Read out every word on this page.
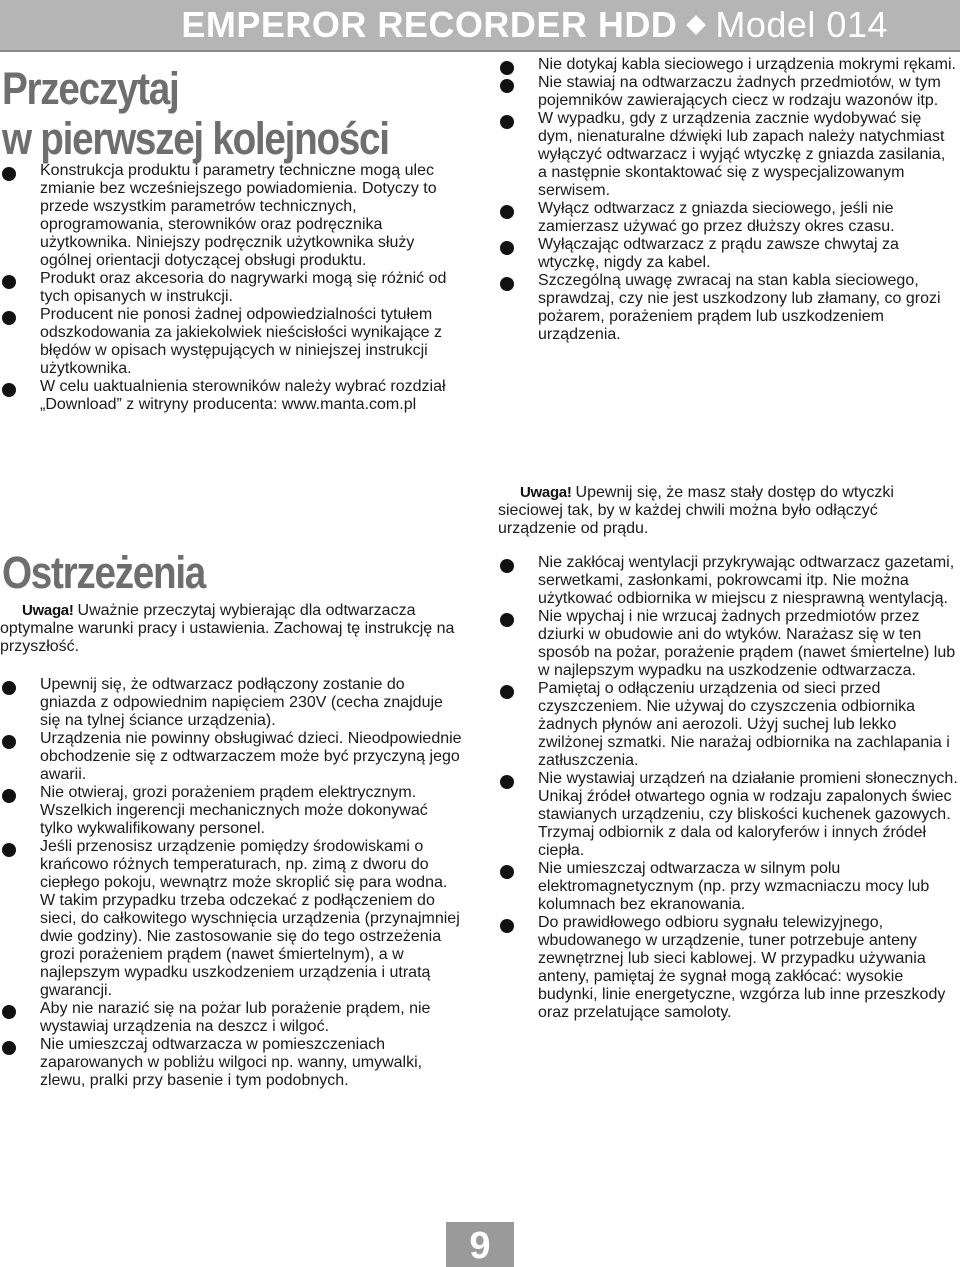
EMPEROR RECORDER HDD Model 014
Przeczytaj
w pierwszej kolejności
Konstrukcja produktu i parametry techniczne mogą ulec zmianie bez wcześniejszego powiadomienia. Dotyczy to przede wszystkim parametrów technicznych, oprogramowania, sterowników oraz podręcznika użytkownika. Niniejszy podręcznik użytkownika służy ogólnej orientacji dotyczącej obsługi produktu.
Produkt oraz akcesoria do nagrywarki mogą się różnić od tych opisanych w instrukcji.
Producent nie ponosi żadnej odpowiedzialności tytułem odszkodowania za jakiekolwiek nieścisłości wynikające z błędów w opisach występujących w niniejszej instrukcji użytkownika.
W celu uaktualnienia sterowników należy wybrać rozdział „Download” z witryny producenta: www.manta.com.pl
Ostrzeżenia
Uwaga! Uważnie przeczytaj wybierając dla odtwarzacza optymalne warunki pracy i ustawienia. Zachowaj tę instrukcję na przyszłość.
Upewnij się, że odtwarzacz podłączony zostanie do gniazda z odpowiednim napięciem 230V (cecha znajduje się na tylnej ściance urządzenia).
Urządzenia nie powinny obsługiwać dzieci. Nieodpowiednie obchodzenie się z odtwarzaczem może być przyczyną jego awarii.
Nie otwieraj, grozi porażeniem prądem elektrycznym. Wszelkich ingerencji mechanicznych może dokonywać tylko wykwalifikowany personel.
Jeśli przenosisz urządzenie pomiędzy środowiskami o krańcowo różnych temperaturach, np. zimą z dworu do ciepłego pokoju, wewnątrz może skroplić się para wodna. W takim przypadku trzeba odczekać z podłączeniem do sieci, do całkowitego wyschnięcia urządzenia (przynajmniej dwie godziny). Nie zastosowanie się do tego ostrzeżenia grozi porażeniem prądem (nawet śmiertelnym), a w najlepszym wypadku uszkodzeniem urządzenia i utratą gwarancji.
Aby nie narazić się na pożar lub porażenie prądem, nie wystawiaj urządzenia na deszcz i wilgoć.
Nie umieszczaj odtwarzacza w pomieszczeniach zaparowanych w pobliżu wilgoci np. wanny, umywalki, zlewu, pralki przy basenie i tym podobnych.
Nie dotykaj kabla sieciowego i urządzenia mokrymi rękami.
Nie stawiaj na odtwarzaczu żadnych przedmiotów, w tym pojemników zawierających ciecz w rodzaju wazonów itp.
W wypadku, gdy z urządzenia zacznie wydobywać się dym, nienaturalne dźwięki lub zapach należy natychmiast wyłączyć odtwarzacz i wyjąć wtyczkę z gniazda zasilania, a następnie skontaktować się z wyspecjalizowanym serwisem.
Wyłącz odtwarzacz z gniazda sieciowego, jeśli nie zamierzasz używać go przez dłuższy okres czasu.
Wyłączając odtwarzacz z prądu zawsze chwytaj za wtyczkę, nigdy za kabel.
Szczególną uwagę zwracaj na stan kabla sieciowego, sprawdzaj, czy nie jest uszkodzony lub złamany, co grozi pożarem, porażeniem prądem lub uszkodzeniem urządzenia.
Uwaga! Upewnij się, że masz stały dostęp do wtyczki sieciowej tak, by w każdej chwili można było odłączyć urządzenie od prądu.
Nie zakłócaj wentylacji przykrywając odtwarzacz gazetami, serwetkami, zasłonkami, pokrowcami itp. Nie można użytkować odbiornika w miejscu z niesprawną wentylacją.
Nie wpychaj i nie wrzucaj żadnych przedmiotów przez dziurki w obudowie ani do wtyków. Narażasz się w ten sposób na pożar, porażenie prądem (nawet śmiertelne) lub w najlepszym wypadku na uszkodzenie odtwarzacza.
Pamiętaj o odłączeniu urządzenia od sieci przed czyszczeniem. Nie używaj do czyszczenia odbiornika żadnych płynów ani aerozoli. Użyj suchej lub lekko zwilżonej szmatki. Nie narażaj odbiornika na zachlapania i zatłuszczenia.
Nie wystawiaj urządzeń na działanie promieni słonecznych. Unikaj źródeł otwartego ognia w rodzaju zapalonych świec stawianych urządzeniu, czy bliskości kuchenek gazowych. Trzymaj odbiornik z dala od kaloryferów i innych źródeł ciepła.
Nie umieszczaj odtwarzacza w silnym polu elektromagnetycznym (np. przy wzmacniaczu mocy lub kolumnach bez ekranowania.
Do prawidłowego odbioru sygnału telewizyjnego, wbudowanego w urządzenie, tuner potrzebuje anteny zewnętrznej lub sieci kablowej. W przypadku używania anteny, pamiętaj że sygnał mogą zakłócać: wysokie budynki, linie energetyczne, wzgórza lub inne przeszkody oraz przelatujące samoloty.
9
